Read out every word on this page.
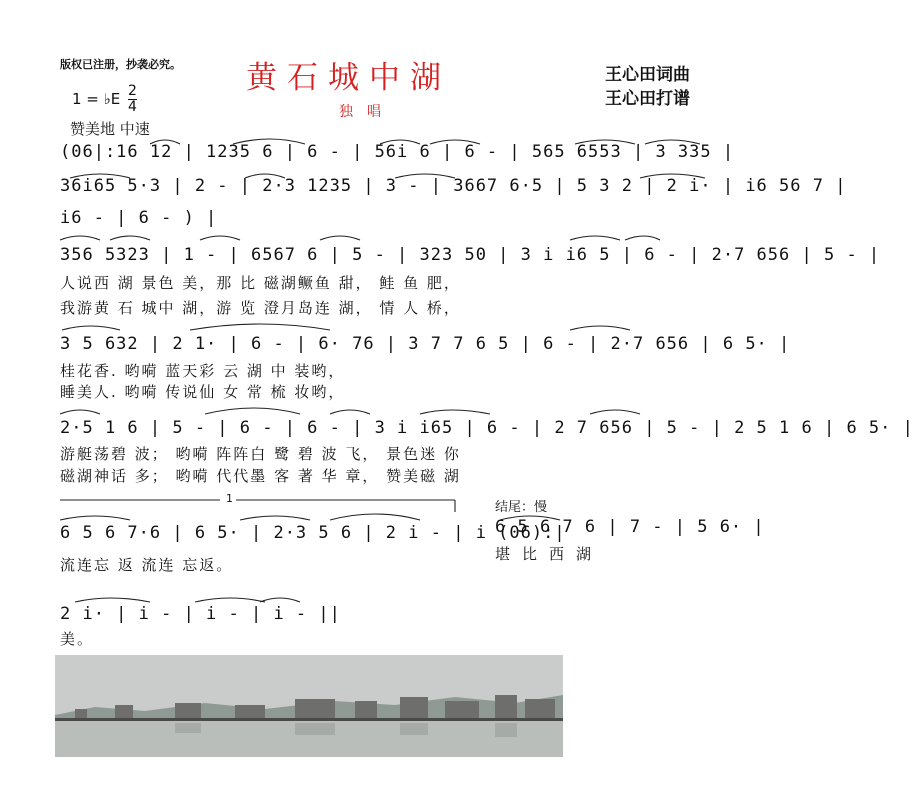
版权已注册，抄袭必究。 黄石城中湖
独唱
王心田词曲
王心田打谱
1 = ♭E 2
4
赞美地 中速
1
(06|:16 12 | 1235 6 | 6 - | 56i 6 | 6 - | 565 6553 | 3 335 |
36i65 5·3 | 2 - | 2·3 1235 | 3 - | 3667 6·5 | 5 3 2 | 2 i· | i6 56 7 |
i6 - | 6 - ) |
356 5323 | 1 - | 6567 6 | 5 - | 323 50 | 3 i i6 5 | 6 - | 2·7 656 | 5 - |
人说西 湖 景色 美，那 比 磁湖鳜鱼 甜， 鲑 鱼 肥，
我游黄 石 城中 湖，游 览 澄月岛连 湖， 情 人 桥，
3 5 632 | 2 1· | 6 - | 6· 76 | 3 7 7 6 5 | 6 - | 2·7 656 | 6 5· |
桂花香. 哟嗬 蓝天彩 云 湖 中 装哟，
睡美人. 哟嗬 传说仙 女 常 梳 妆哟，
2·5 1 6 | 5 - | 6 - | 6 - | 3 i i65 | 6 - | 2 7 656 | 5 - | 2 5 1 6 | 6 5· |
游艇荡碧 波； 哟嗬 阵阵白 鹭 碧 波 飞， 景色迷 你
磁湖神话 多； 哟嗬 代代墨 客 著 华 章， 赞美磁 湖
6 5 6 7·6 | 6 5· | 2·3 5 6 | 2 i - | i (06):|
流连忘 返 流连 忘返。
结尾：慢
6 5 6 7 6 | 7 - | 5 6· |
堪比西湖
2 i· | i - | i - | i - ||
美。
